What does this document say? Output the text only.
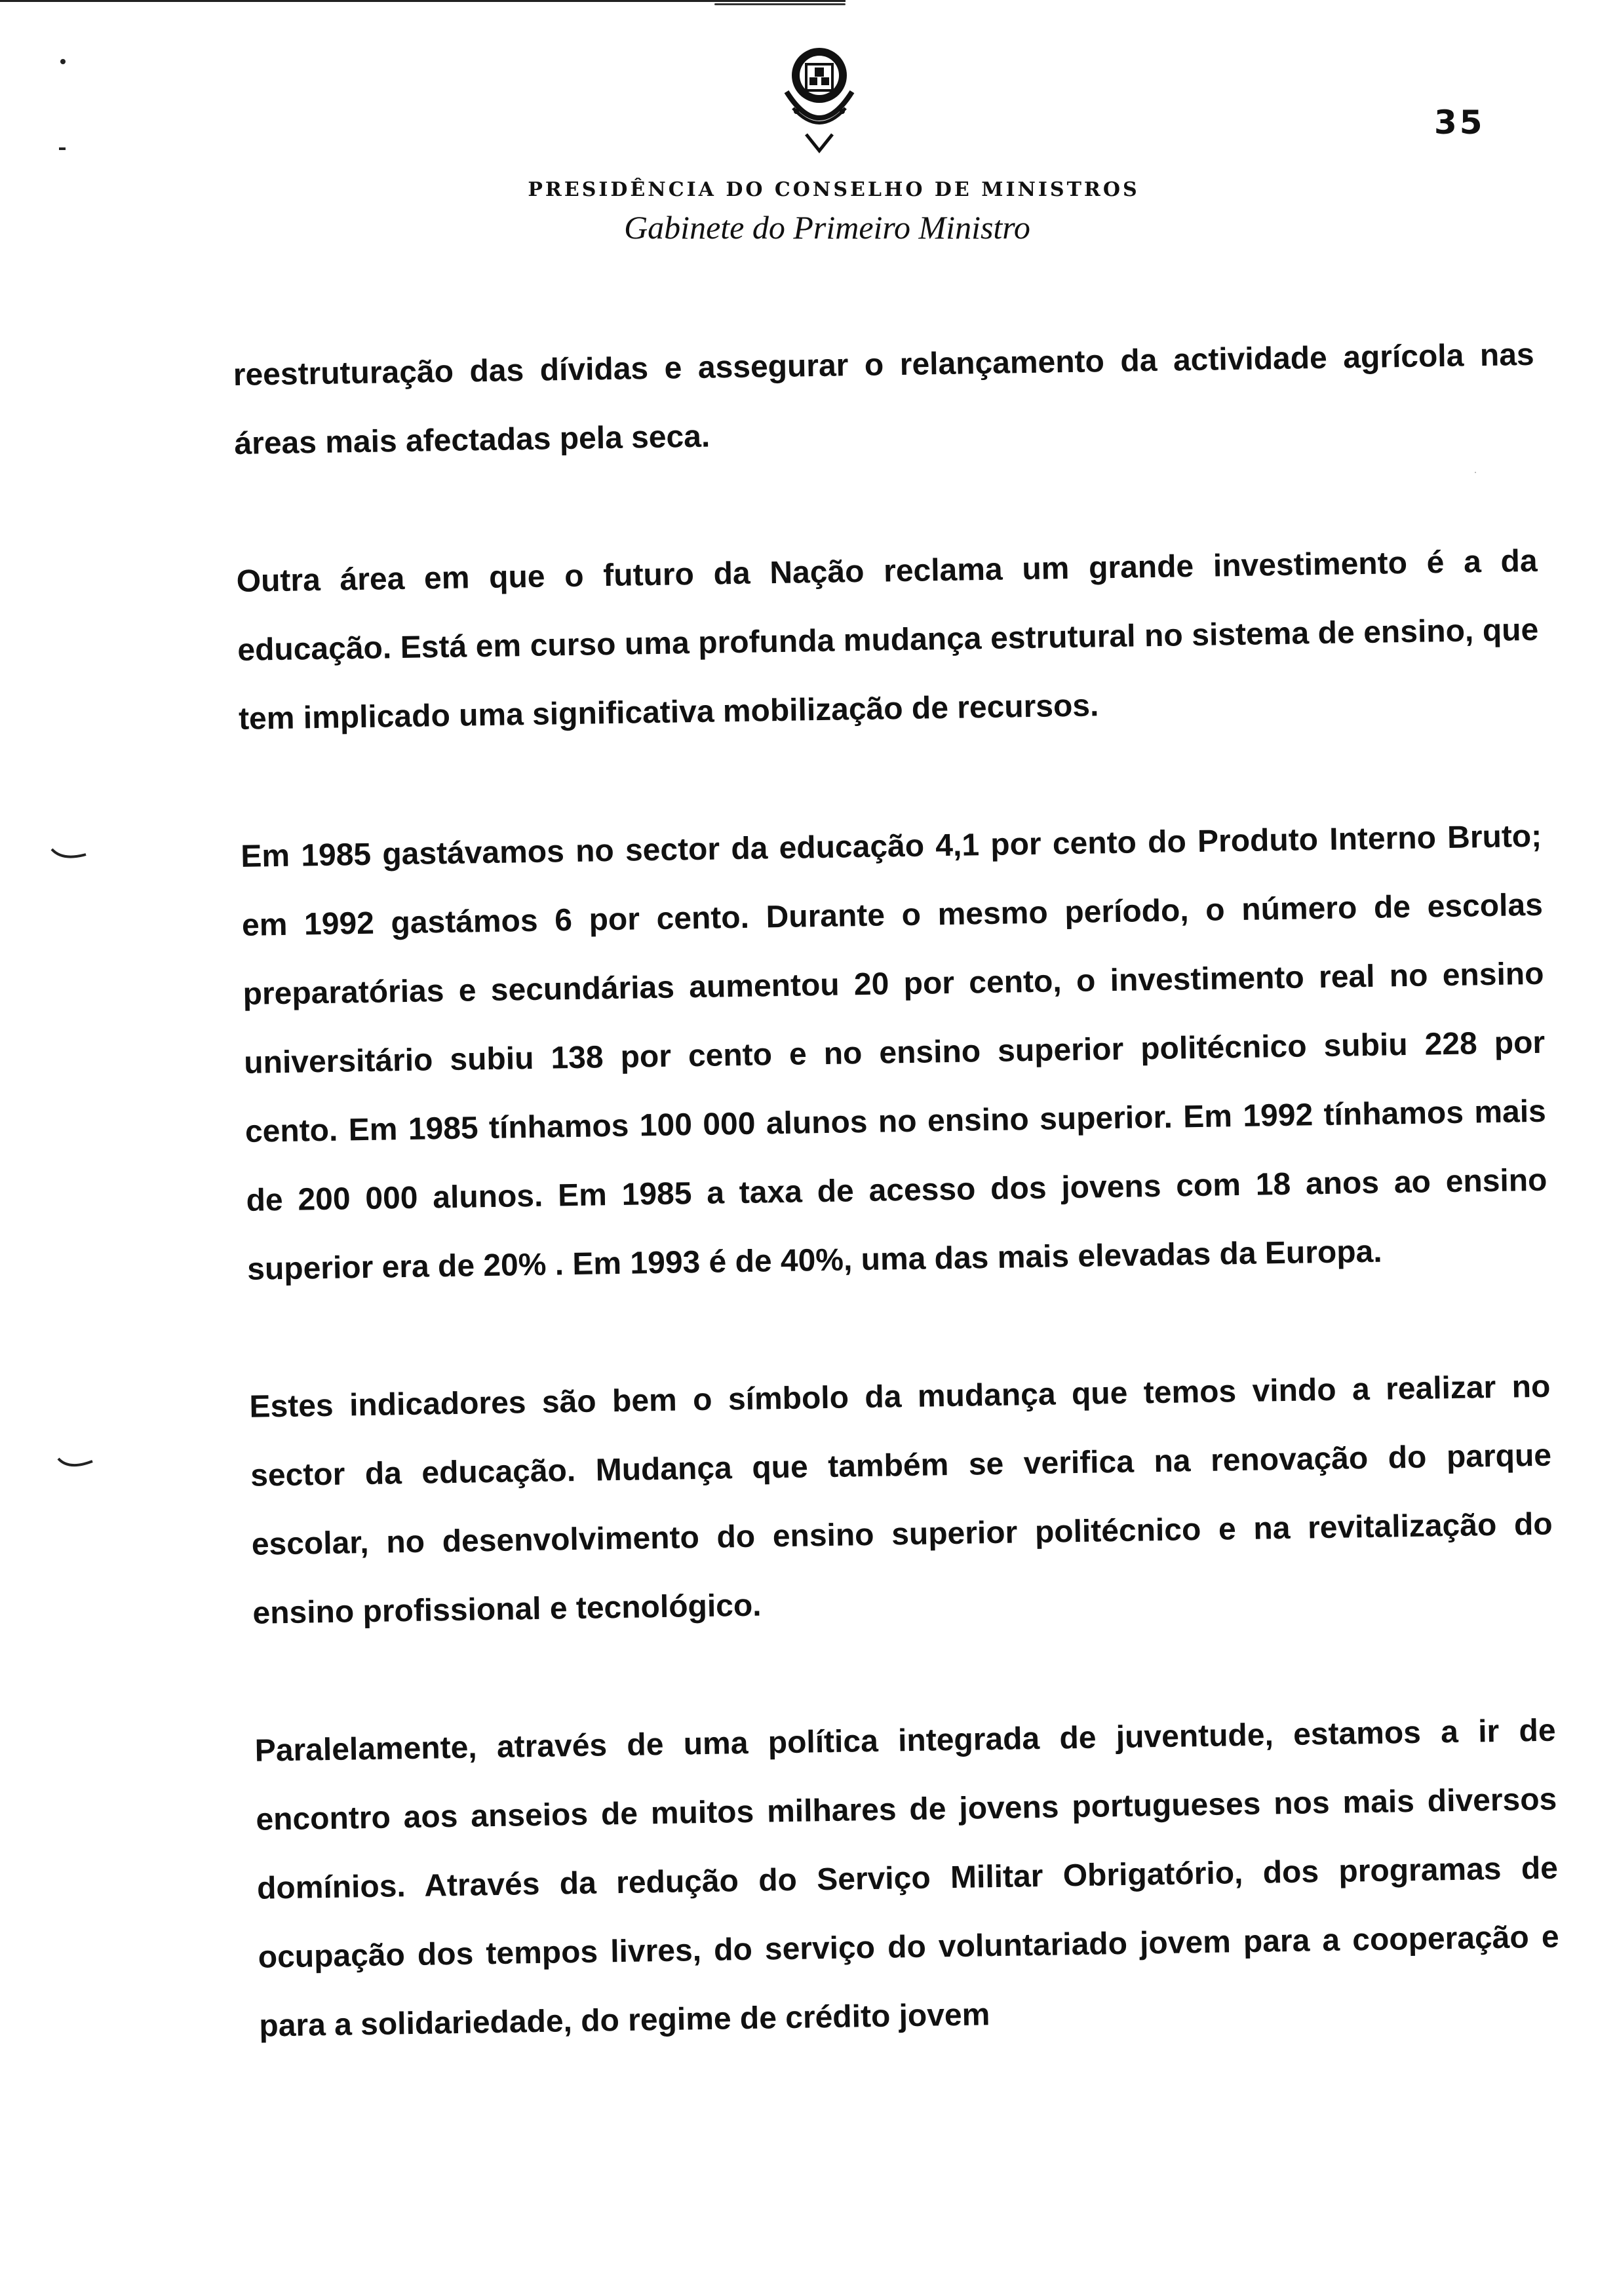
35
PRESIDÊNCIA DO CONSELHO DE MINISTROS
Gabinete do Primeiro Ministro

reestruturação das dívidas e assegurar o relançamento da actividade agrícola nas áreas mais afectadas pela seca.

Outra área em que o futuro da Nação reclama um grande investimento é a da educação. Está em curso uma profunda mudança estrutural no sistema de ensino, que tem implicado uma significativa mobilização de recursos.

Em 1985 gastávamos no sector da educação 4,1 por cento do Produto Interno Bruto; em 1992 gastámos 6 por cento. Durante o mesmo período, o número de escolas preparatórias e secundárias aumentou 20 por cento, o investimento real no ensino universitário subiu 138 por cento e no ensino superior politécnico subiu 228 por cento. Em 1985 tínhamos 100 000 alunos no ensino superior. Em 1992 tínhamos mais de 200 000 alunos. Em 1985 a taxa de acesso dos jovens com 18 anos ao ensino superior era de 20% . Em 1993 é de 40%, uma das mais elevadas da Europa.

Estes indicadores são bem o símbolo da mudança que temos vindo a realizar no sector da educação. Mudança que também se verifica na renovação do parque escolar, no desenvolvimento do ensino superior politécnico e na revitalização do ensino profissional e tecnológico.

Paralelamente, através de uma política integrada de juventude, estamos a ir de encontro aos anseios de muitos milhares de jovens portugueses nos mais diversos domínios. Através da redução do Serviço Militar Obrigatório, dos programas de ocupação dos tempos livres, do serviço do voluntariado jovem para a cooperação e para a solidariedade, do regime de crédito jovem
